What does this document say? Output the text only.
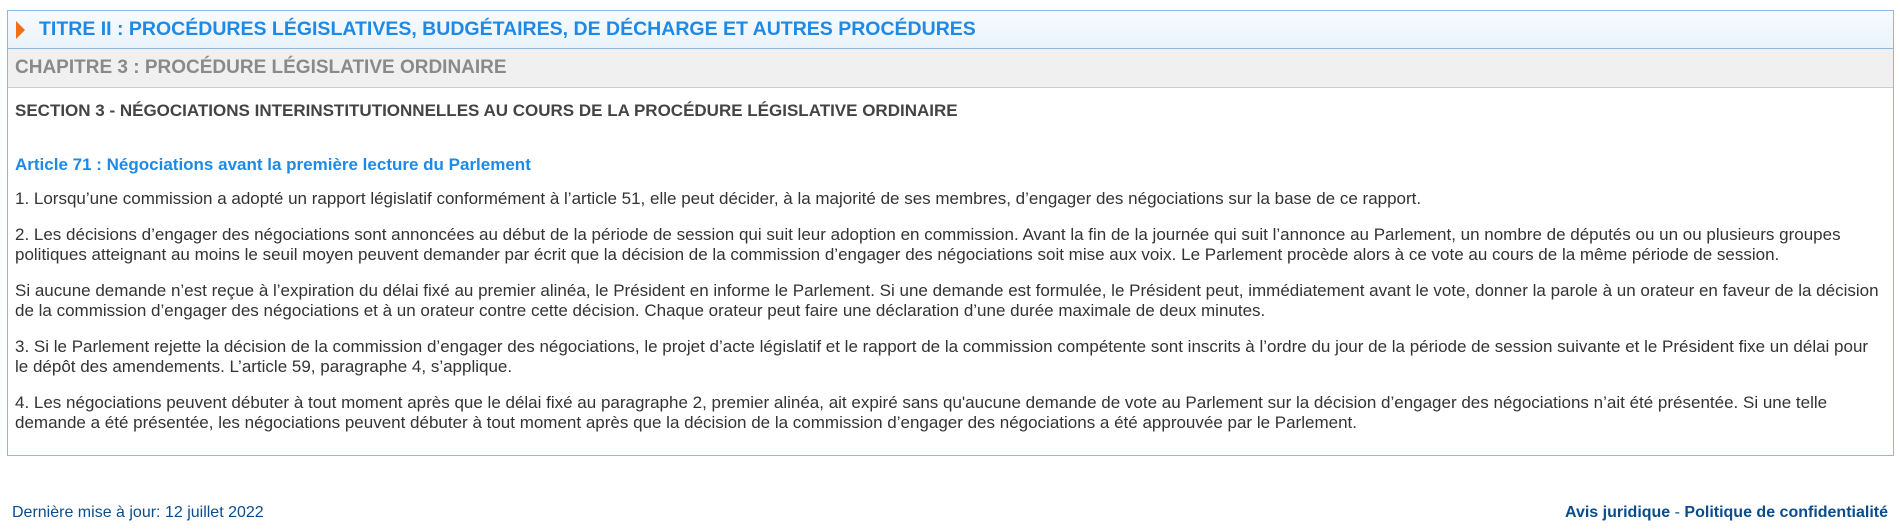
TITRE II : PROCÉDURES LÉGISLATIVES, BUDGÉTAIRES, DE DÉCHARGE ET AUTRES PROCÉDURES
CHAPITRE 3 : PROCÉDURE LÉGISLATIVE ORDINAIRE

SECTION 3 - NÉGOCIATIONS INTERINSTITUTIONNELLES AU COURS DE LA PROCÉDURE LÉGISLATIVE ORDINAIRE

Article 71 : Négociations avant la première lecture du Parlement

1. Lorsqu’une commission a adopté un rapport législatif conformément à l’article 51, elle peut décider, à la majorité de ses membres, d’engager des négociations sur la base de ce rapport.

2. Les décisions d’engager des négociations sont annoncées au début de la période de session qui suit leur adoption en commission. Avant la fin de la journée qui suit l’annonce au Parlement, un nombre de députés ou un ou plusieurs groupes politiques atteignant au moins le seuil moyen peuvent demander par écrit que la décision de la commission d’engager des négociations soit mise aux voix. Le Parlement procède alors à ce vote au cours de la même période de session.

Si aucune demande n’est reçue à l’expiration du délai fixé au premier alinéa, le Président en informe le Parlement. Si une demande est formulée, le Président peut, immédiatement avant le vote, donner la parole à un orateur en faveur de la décision de la commission d’engager des négociations et à un orateur contre cette décision. Chaque orateur peut faire une déclaration d’une durée maximale de deux minutes.

3. Si le Parlement rejette la décision de la commission d’engager des négociations, le projet d’acte législatif et le rapport de la commission compétente sont inscrits à l’ordre du jour de la période de session suivante et le Président fixe un délai pour le dépôt des amendements. L’article 59, paragraphe 4, s’applique.

4. Les négociations peuvent débuter à tout moment après que le délai fixé au paragraphe 2, premier alinéa, ait expiré sans qu'aucune demande de vote au Parlement sur la décision d’engager des négociations n’ait été présentée. Si une telle demande a été présentée, les négociations peuvent débuter à tout moment après que la décision de la commission d’engager des négociations a été approuvée par le Parlement.

Dernière mise à jour: 12 juillet 2022	Avis juridique - Politique de confidentialité
